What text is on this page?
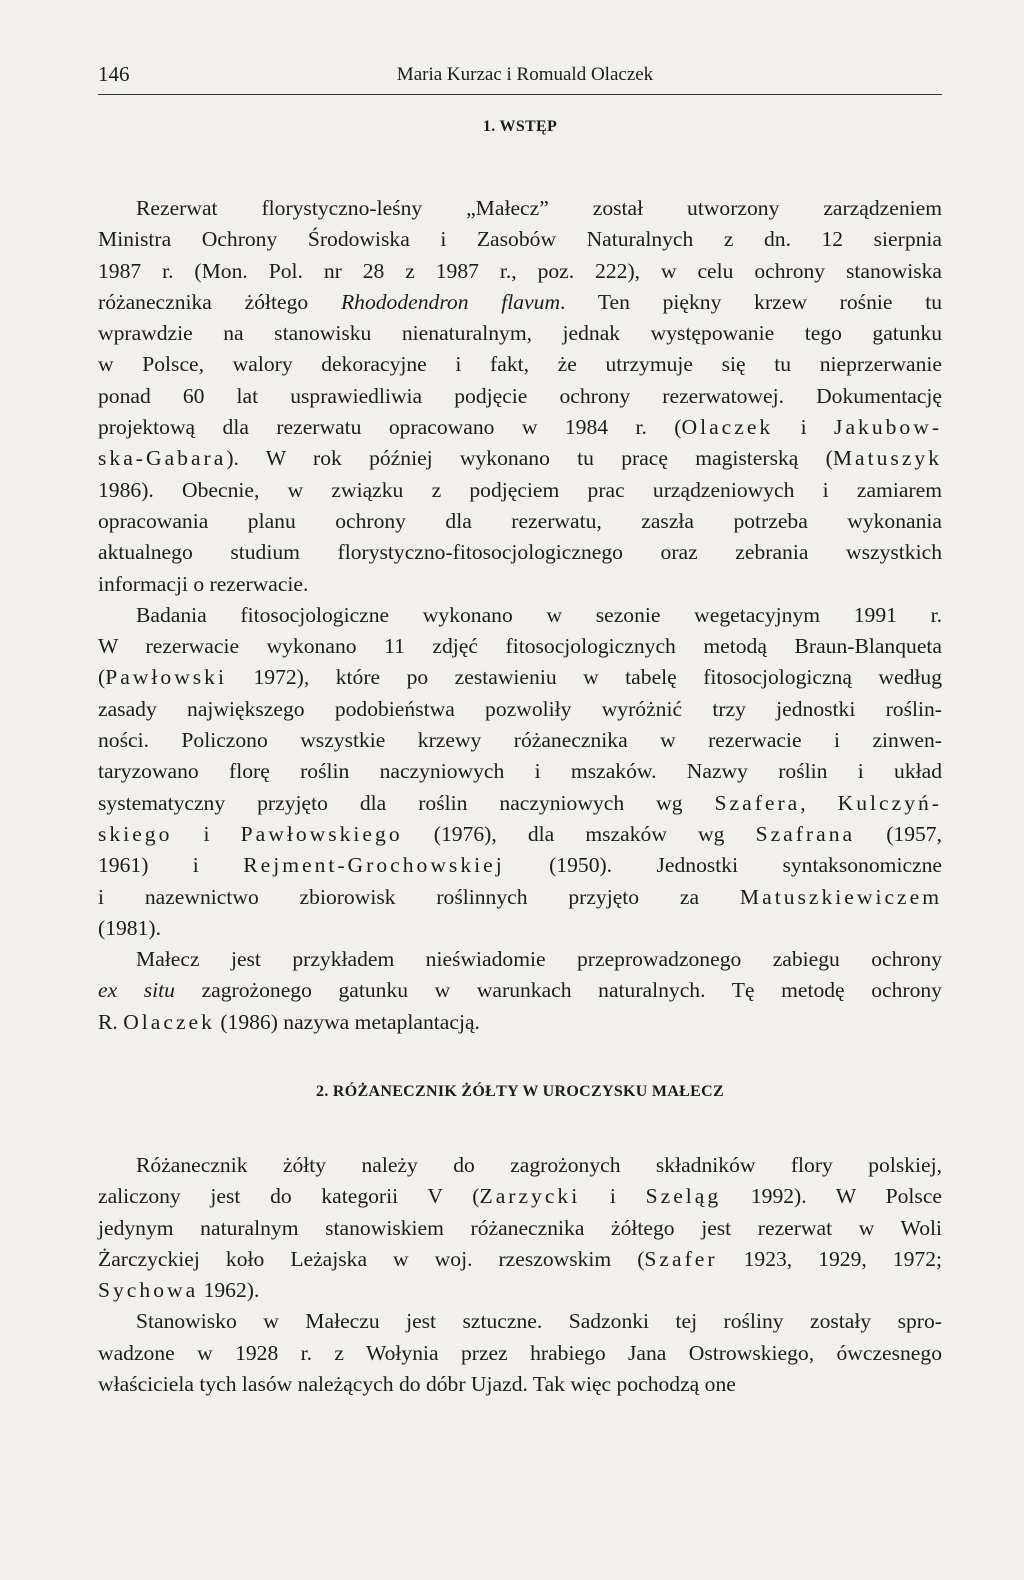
146	Maria Kurzac i Romuald Olaczek
1. WSTĘP

Rezerwat florystyczno-leśny „Małecz” został utworzony zarządzeniem
Ministra Ochrony Środowiska i Zasobów Naturalnych z dn. 12 sierpnia
1987 r. (Mon. Pol. nr 28 z 1987 r., poz. 222), w celu ochrony stanowiska
różanecznika żółtego Rhododendron flavum. Ten piękny krzew rośnie tu
wprawdzie na stanowisku nienaturalnym, jednak występowanie tego gatunku
w Polsce, walory dekoracyjne i fakt, że utrzymuje się tu nieprzerwanie
ponad 60 lat usprawiedliwia podjęcie ochrony rezerwatowej. Dokumentację
projektową dla rezerwatu opracowano w 1984 r. (Olaczek i Jakubow-
ska-Gabara). W rok później wykonano tu pracę magisterską (Matuszyk
1986). Obecnie, w związku z podjęciem prac urządzeniowych i zamiarem
opracowania planu ochrony dla rezerwatu, zaszła potrzeba wykonania
aktualnego studium florystyczno-fitosocjologicznego oraz zebrania wszystkich
informacji o rezerwacie.

Badania fitosocjologiczne wykonano w sezonie wegetacyjnym 1991 r.
W rezerwacie wykonano 11 zdjęć fitosocjologicznych metodą Braun-Blanqueta
(Pawłowski 1972), które po zestawieniu w tabelę fitosocjologiczną według
zasady największego podobieństwa pozwoliły wyróżnić trzy jednostki roślin-
ności. Policzono wszystkie krzewy różanecznika w rezerwacie i zinwen-
taryzowano florę roślin naczyniowych i mszaków. Nazwy roślin i układ
systematyczny przyjęto dla roślin naczyniowych wg Szafera, Kulczyń-
skiego i Pawłowskiego (1976), dla mszaków wg Szafrana (1957,
1961) i Rejment-Grochowskiej (1950). Jednostki syntaksonomiczne
i nazewnictwo zbiorowisk roślinnych przyjęto za Matuszkiewiczem
(1981).

Małecz jest przykładem nieświadomie przeprowadzonego zabiegu ochrony
ex situ zagrożonego gatunku w warunkach naturalnych. Tę metodę ochrony
R. Olaczek (1986) nazywa metaplantacją.

2. RÓŻANECZNIK ŻÓŁTY W UROCZYSKU MAŁECZ

Różanecznik żółty należy do zagrożonych składników flory polskiej,
zaliczony jest do kategorii V (Zarzycki i Szeląg 1992). W Polsce
jedynym naturalnym stanowiskiem różanecznika żółtego jest rezerwat w Woli
Żarczyckiej koło Leżajska w woj. rzeszowskim (Szafer 1923, 1929, 1972;
Sychowa 1962).

Stanowisko w Małeczu jest sztuczne. Sadzonki tej rośliny zostały spro-
wadzone w 1928 r. z Wołynia przez hrabiego Jana Ostrowskiego, ówczesnego
właściciela tych lasów należących do dóbr Ujazd. Tak więc pochodzą one
